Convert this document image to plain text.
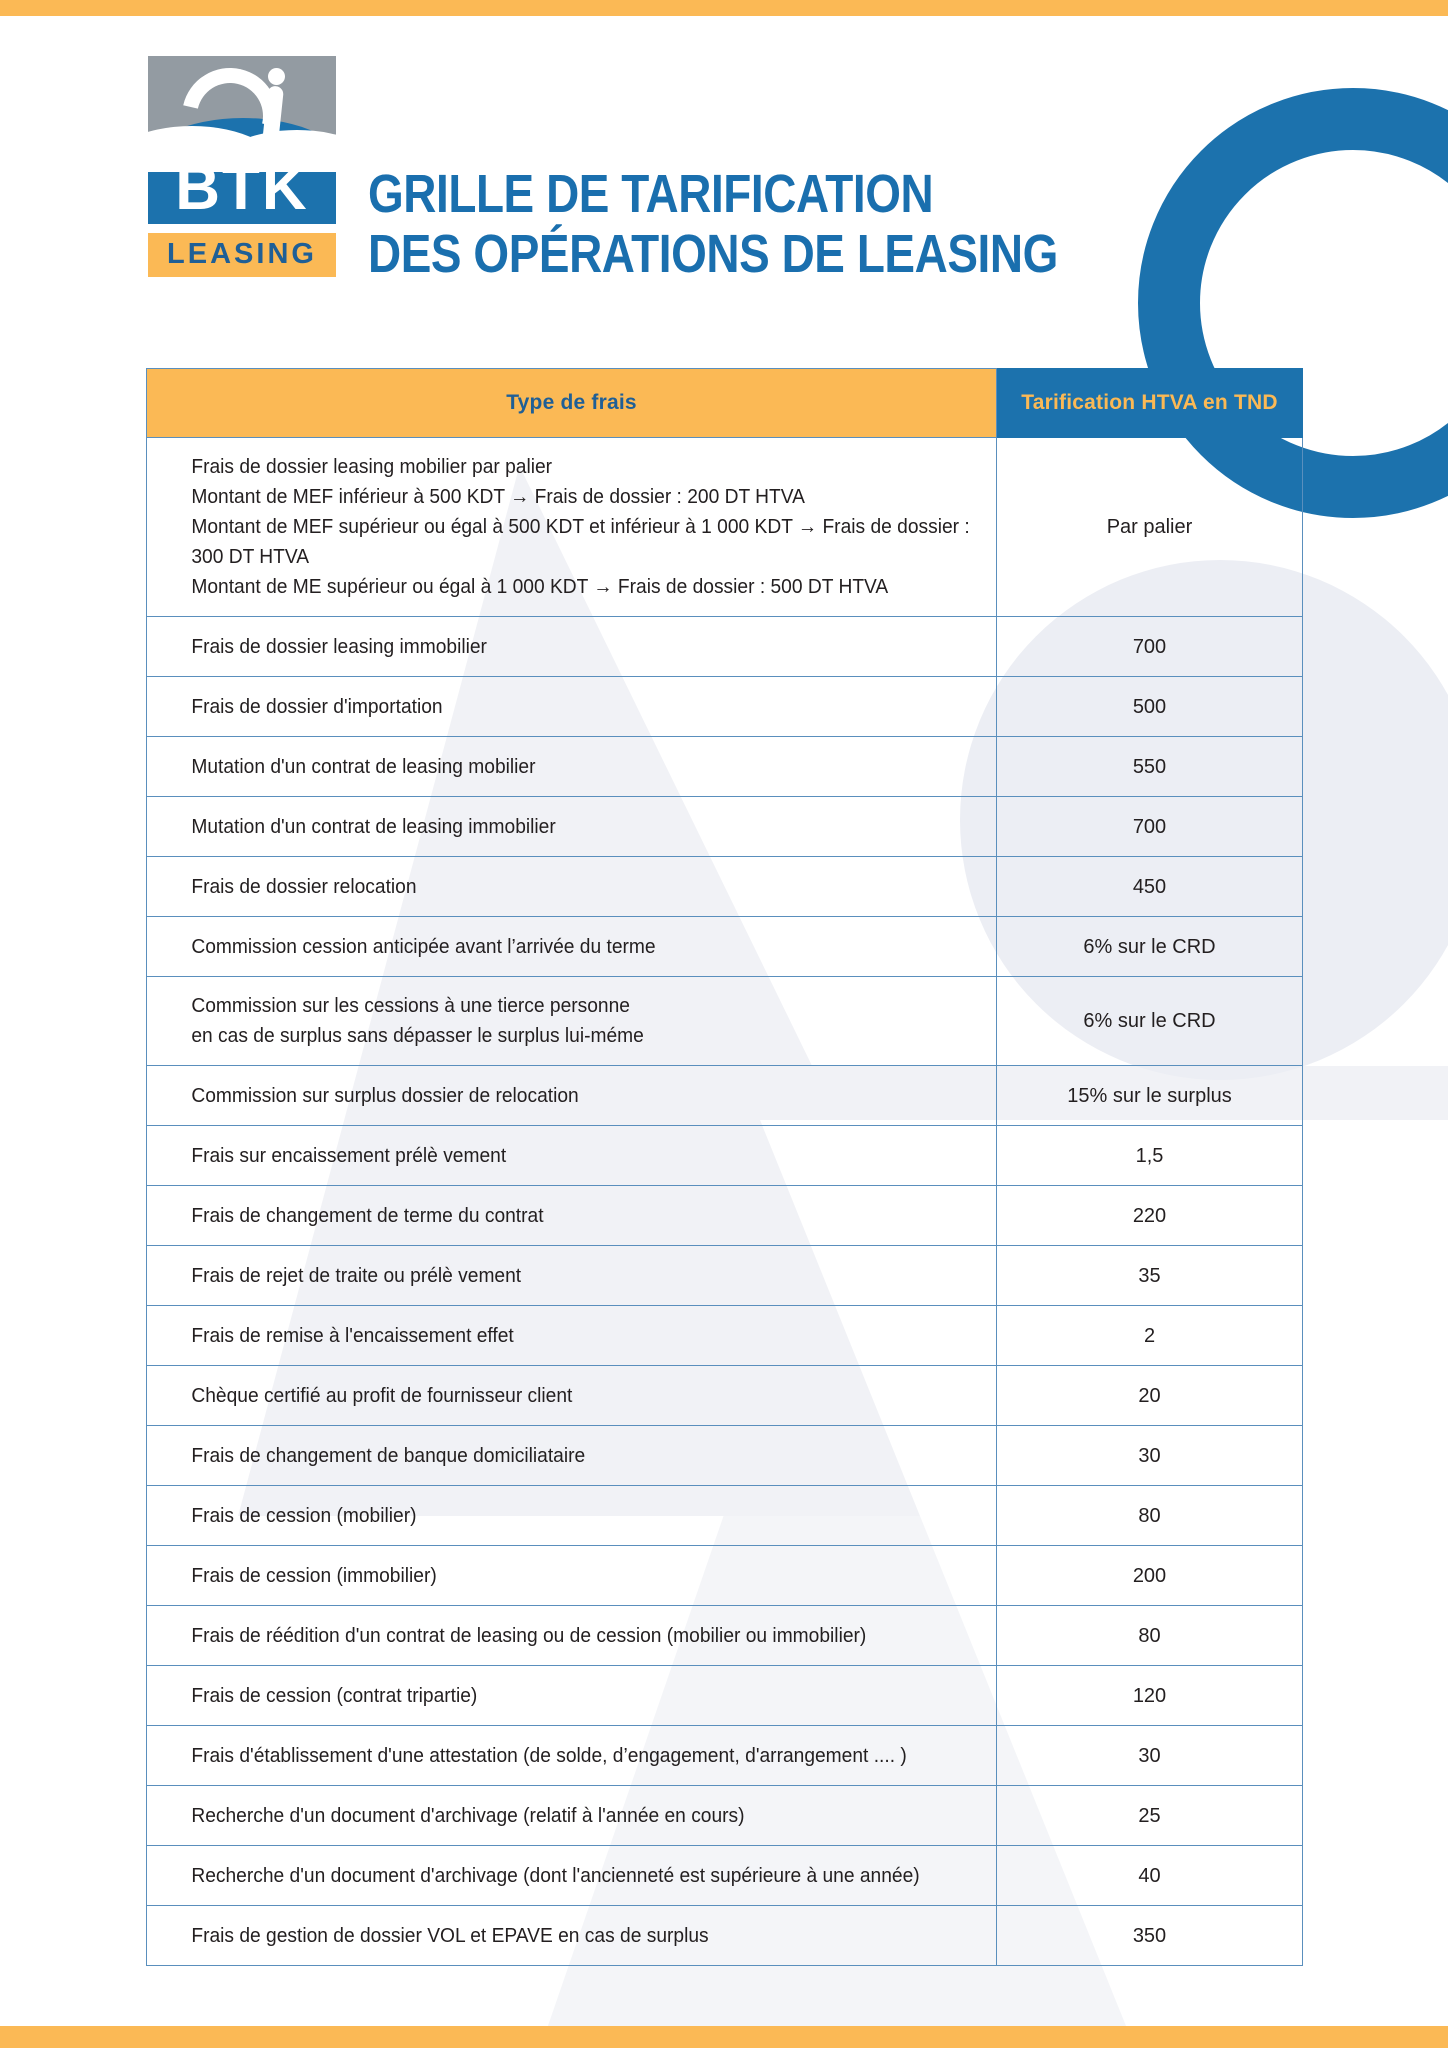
BTK
LEASING
GRILLE DE TARIFICATION
DES OPÉRATIONS DE LEASING
Type de frais	Tarification HTVA en TND

Frais de dossier leasing mobilier par palier
Montant de MEF inférieur à 500 KDT → Frais de dossier : 200 DT HTVA
Montant de MEF supérieur ou égal à 500 KDT et inférieur à 1 000 KDT → Frais de dossier : 300 DT HTVA
Montant de ME supérieur ou égal à 1 000 KDT → Frais de dossier : 500 DT HTVA	Par palier

Frais de dossier leasing immobilier	700

Frais de dossier d'importation	500

Mutation d'un contrat de leasing mobilier	550

Mutation d'un contrat de leasing immobilier	700

Frais de dossier relocation	450

Commission cession anticipée avant l’arrivée du terme	6% sur le CRD

Commission sur les cessions à une tierce personne
en cas de surplus sans dépasser le surplus lui-méme	6% sur le CRD

Commission sur surplus dossier de relocation	15% sur le surplus

Frais sur encaissement prélè vement	1,5

Frais de changement de terme du contrat	220

Frais de rejet de traite ou prélè vement	35

Frais de remise à l'encaissement effet	2

Chèque certifié au profit de fournisseur client	20

Frais de changement de banque domiciliataire	30

Frais de cession (mobilier)	80

Frais de cession (immobilier)	200

Frais de réédition d'un contrat de leasing ou de cession (mobilier ou immobilier)	80

Frais de cession (contrat tripartie)	120

Frais d'établissement d'une attestation (de solde, d’engagement, d'arrangement .... )	30

Recherche d'un document d'archivage (relatif à l'année en cours)	25

Recherche d'un document d'archivage (dont l'ancienneté est supérieure à une année)	40

Frais de gestion de dossier VOL et EPAVE en cas de surplus	350
